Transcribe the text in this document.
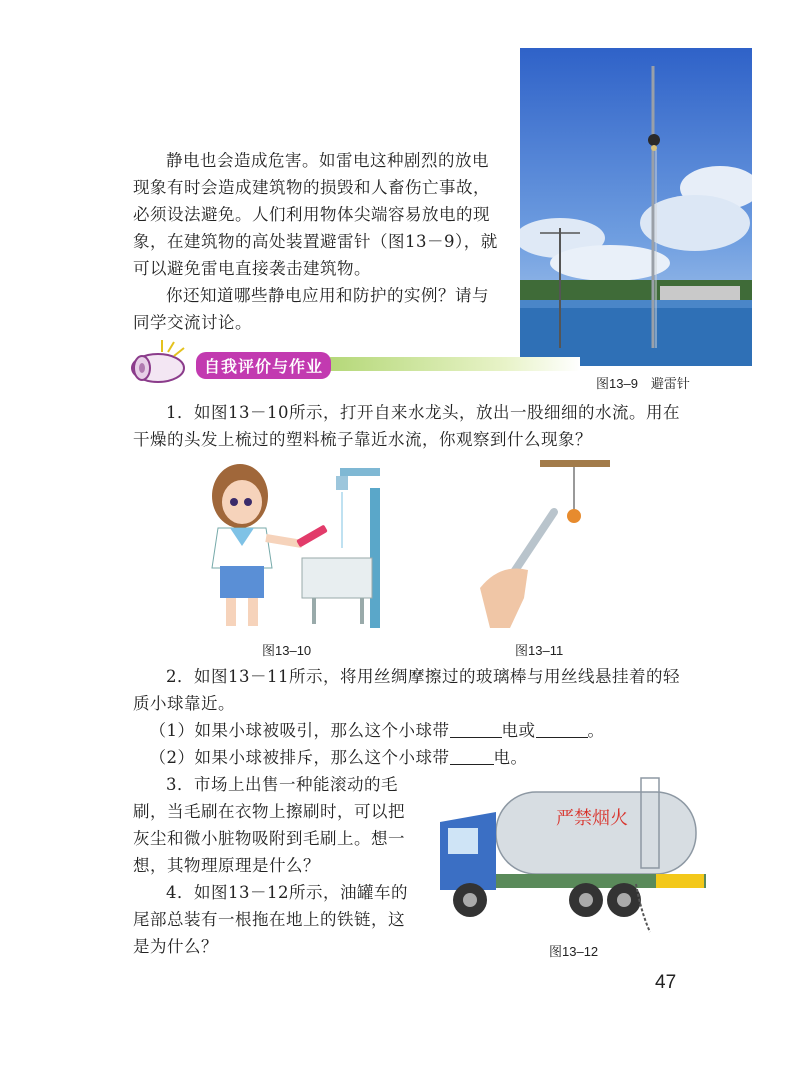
静电也会造成危害。如雷电这种剧烈的放电现象有时会造成建筑物的损毁和人畜伤亡事故，必须设法避免。人们利用物体尖端容易放电的现象，在建筑物的高处装置避雷针（图13－9），就可以避免雷电直接袭击建筑物。

你还知道哪些静电应用和防护的实例？请与同学交流讨论。

图13–9　避雷针
自我评价与作业

1．如图13－10所示，打开自来水龙头，放出一股细细的水流。用在干燥的头发上梳过的塑料梳子靠近水流，你观察到什么现象？

图13–10	图13–11

2．如图13－11所示，将用丝绸摩擦过的玻璃棒与用丝线悬挂着的轻质小球靠近。

（1）如果小球被吸引，那么这个小球带	电或	。

（2）如果小球被排斥，那么这个小球带	电。

3．市场上出售一种能滚动的毛刷，当毛刷在衣物上擦刷时，可以把灰尘和微小脏物吸附到毛刷上。想一想，其物理原理是什么？

4．如图13－12所示，油罐车的尾部总装有一根拖在地上的铁链，这是为什么？

严禁烟火
图13–12
47
